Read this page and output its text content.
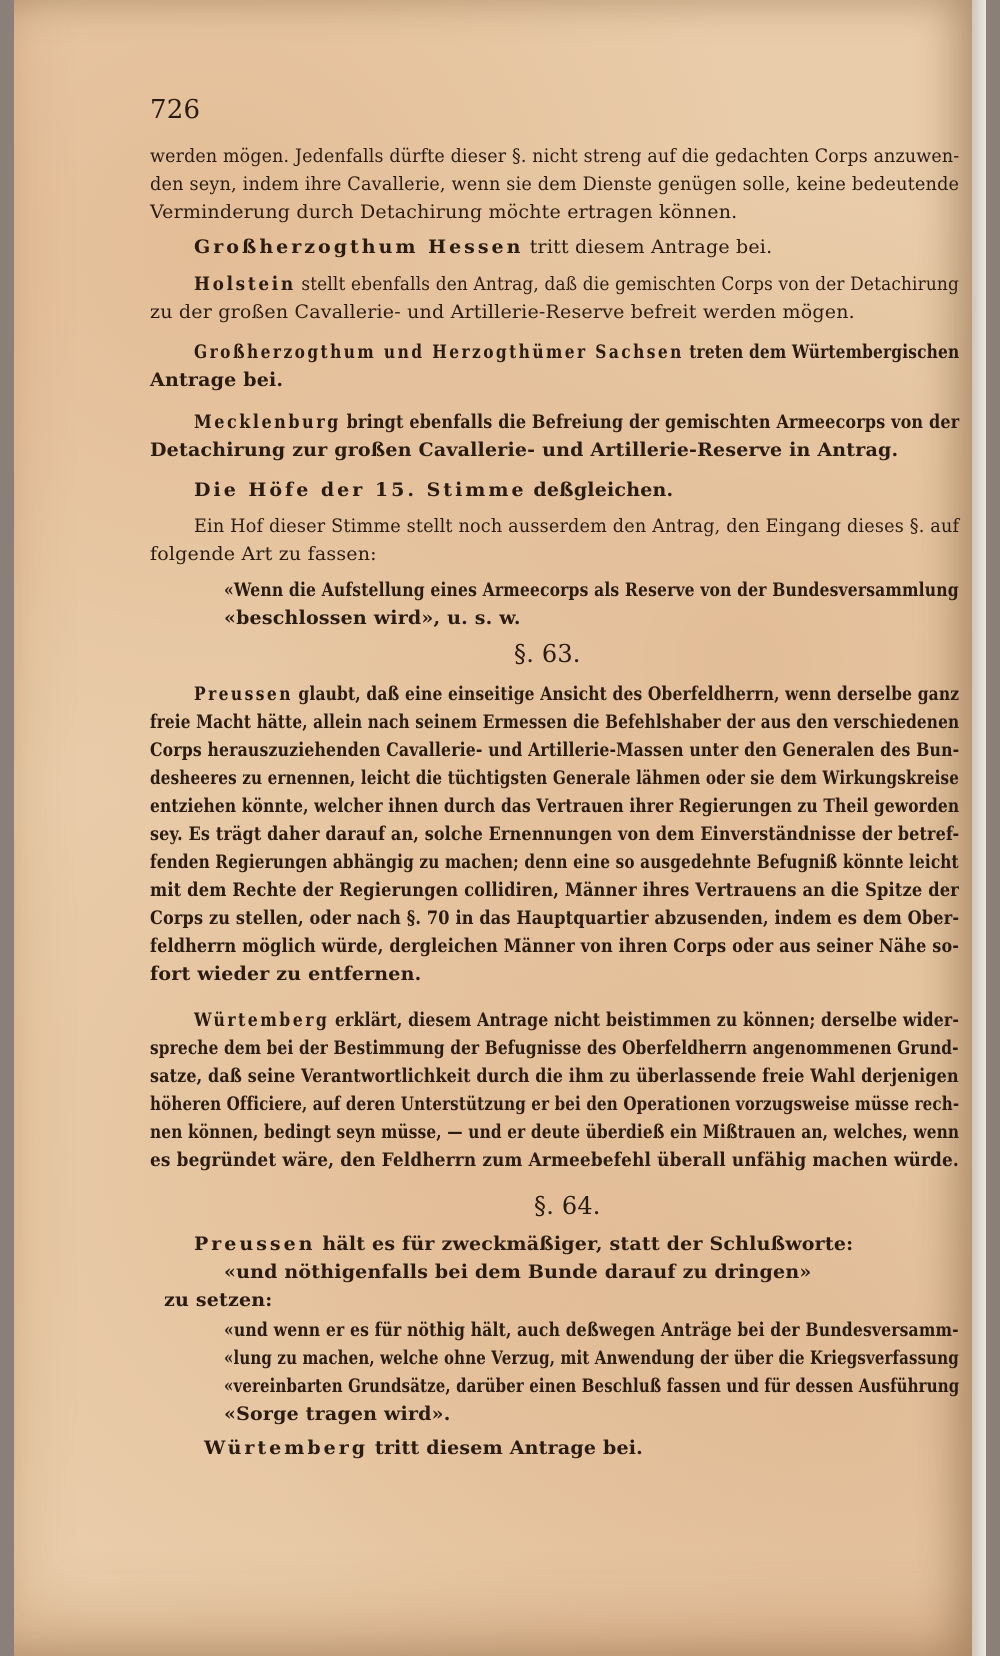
726
werden mögen. Jedenfalls dürfte dieser §. nicht streng auf die gedachten Corps anzuwen-
den seyn, indem ihre Cavallerie, wenn sie dem Dienste genügen solle, keine bedeutende
Verminderung durch Detachirung möchte ertragen können.
Großherzogthum Hessen tritt diesem Antrage bei.
Holstein stellt ebenfalls den Antrag, daß die gemischten Corps von der Detachirung
zu der großen Cavallerie- und Artillerie-Reserve befreit werden mögen.
Großherzogthum und Herzogthümer Sachsen treten dem Würtembergischen
Antrage bei.
Mecklenburg bringt ebenfalls die Befreiung der gemischten Armeecorps von der
Detachirung zur großen Cavallerie- und Artillerie-Reserve in Antrag.
Die Höfe der 15. Stimme deßgleichen.
Ein Hof dieser Stimme stellt noch ausserdem den Antrag, den Eingang dieses §. auf
folgende Art zu fassen:
«Wenn die Aufstellung eines Armeecorps als Reserve von der Bundesversammlung
«beschlossen wird», u. s. w.
§. 63.
Preussen glaubt, daß eine einseitige Ansicht des Oberfeldherrn, wenn derselbe ganz
freie Macht hätte, allein nach seinem Ermessen die Befehlshaber der aus den verschiedenen
Corps herauszuziehenden Cavallerie- und Artillerie-Massen unter den Generalen des Bun-
desheeres zu ernennen, leicht die tüchtigsten Generale lähmen oder sie dem Wirkungskreise
entziehen könnte, welcher ihnen durch das Vertrauen ihrer Regierungen zu Theil geworden
sey. Es trägt daher darauf an, solche Ernennungen von dem Einverständnisse der betref-
fenden Regierungen abhängig zu machen; denn eine so ausgedehnte Befugniß könnte leicht
mit dem Rechte der Regierungen collidiren, Männer ihres Vertrauens an die Spitze der
Corps zu stellen, oder nach §. 70 in das Hauptquartier abzusenden, indem es dem Ober-
feldherrn möglich würde, dergleichen Männer von ihren Corps oder aus seiner Nähe so-
fort wieder zu entfernen.
Würtemberg erklärt, diesem Antrage nicht beistimmen zu können; derselbe wider-
spreche dem bei der Bestimmung der Befugnisse des Oberfeldherrn angenommenen Grund-
satze, daß seine Verantwortlichkeit durch die ihm zu überlassende freie Wahl derjenigen
höheren Officiere, auf deren Unterstützung er bei den Operationen vorzugsweise müsse rech-
nen können, bedingt seyn müsse, — und er deute überdieß ein Mißtrauen an, welches, wenn
es begründet wäre, den Feldherrn zum Armeebefehl überall unfähig machen würde.
§. 64.
Preussen hält es für zweckmäßiger, statt der Schlußworte:
«und nöthigenfalls bei dem Bunde darauf zu dringen»
zu setzen:
«und wenn er es für nöthig hält, auch deßwegen Anträge bei der Bundesversamm-
«lung zu machen, welche ohne Verzug, mit Anwendung der über die Kriegsverfassung
«vereinbarten Grundsätze, darüber einen Beschluß fassen und für dessen Ausführung
«Sorge tragen wird».
Würtemberg tritt diesem Antrage bei.
